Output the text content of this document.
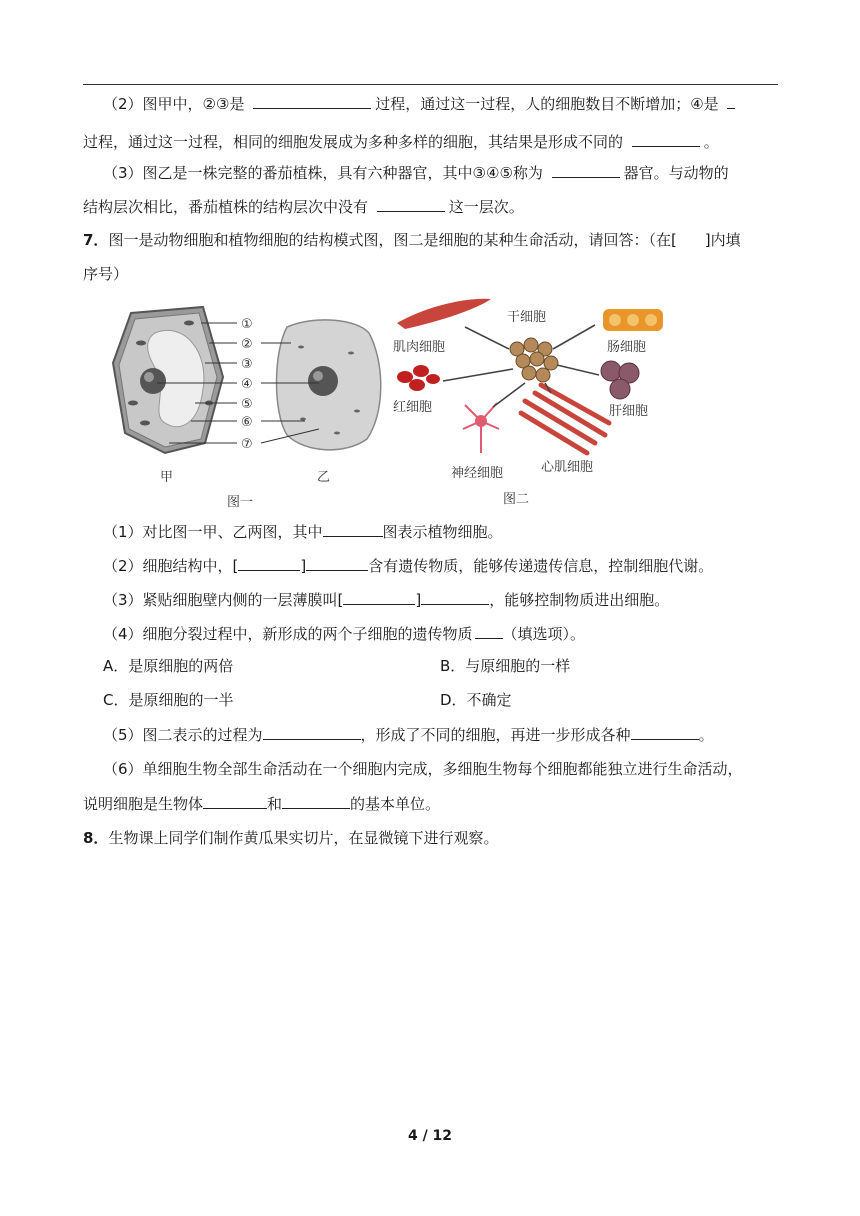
（2）图甲中，②③是	过程，通过这一过程，人的细胞数目不断增加；④是
过程，通过这一过程，相同的细胞发展成为多种多样的细胞，其结果是形成不同的	。
（3）图乙是一株完整的番茄植株，具有六种器官，其中③④⑤称为	器官。与动物的
结构层次相比，番茄植株的结构层次中没有	这一层次。
7．图一是动物细胞和植物细胞的结构模式图，图二是细胞的某种生命活动，请回答：（在[ ]内填
序号）
①
②
③
④
⑤
⑥
⑦
甲	乙
图一	图二
干细胞
肌肉细胞	肠细胞
红细胞	肝细胞
神经细胞	心肌细胞
（1）对比图一甲、乙两图，其中	图表示植物细胞。
（2）细胞结构中，[	]	含有遗传物质，能够传递遗传信息，控制细胞代谢。
（3）紧贴细胞壁内侧的一层薄膜叫[	]	，能够控制物质进出细胞。
（4）细胞分裂过程中，新形成的两个子细胞的遗传物质 （填选项）。
A．是原细胞的两倍	B．与原细胞的一样
C．是原细胞的一半	D．不确定
（5）图二表示的过程为	，形成了不同的细胞，再进一步形成各种	。
（6）单细胞生物全部生命活动在一个细胞内完成，多细胞生物每个细胞都能独立进行生命活动，
说明细胞是生物体	和	的基本单位。
8．生物课上同学们制作黄瓜果实切片，在显微镜下进行观察。
4 / 12
